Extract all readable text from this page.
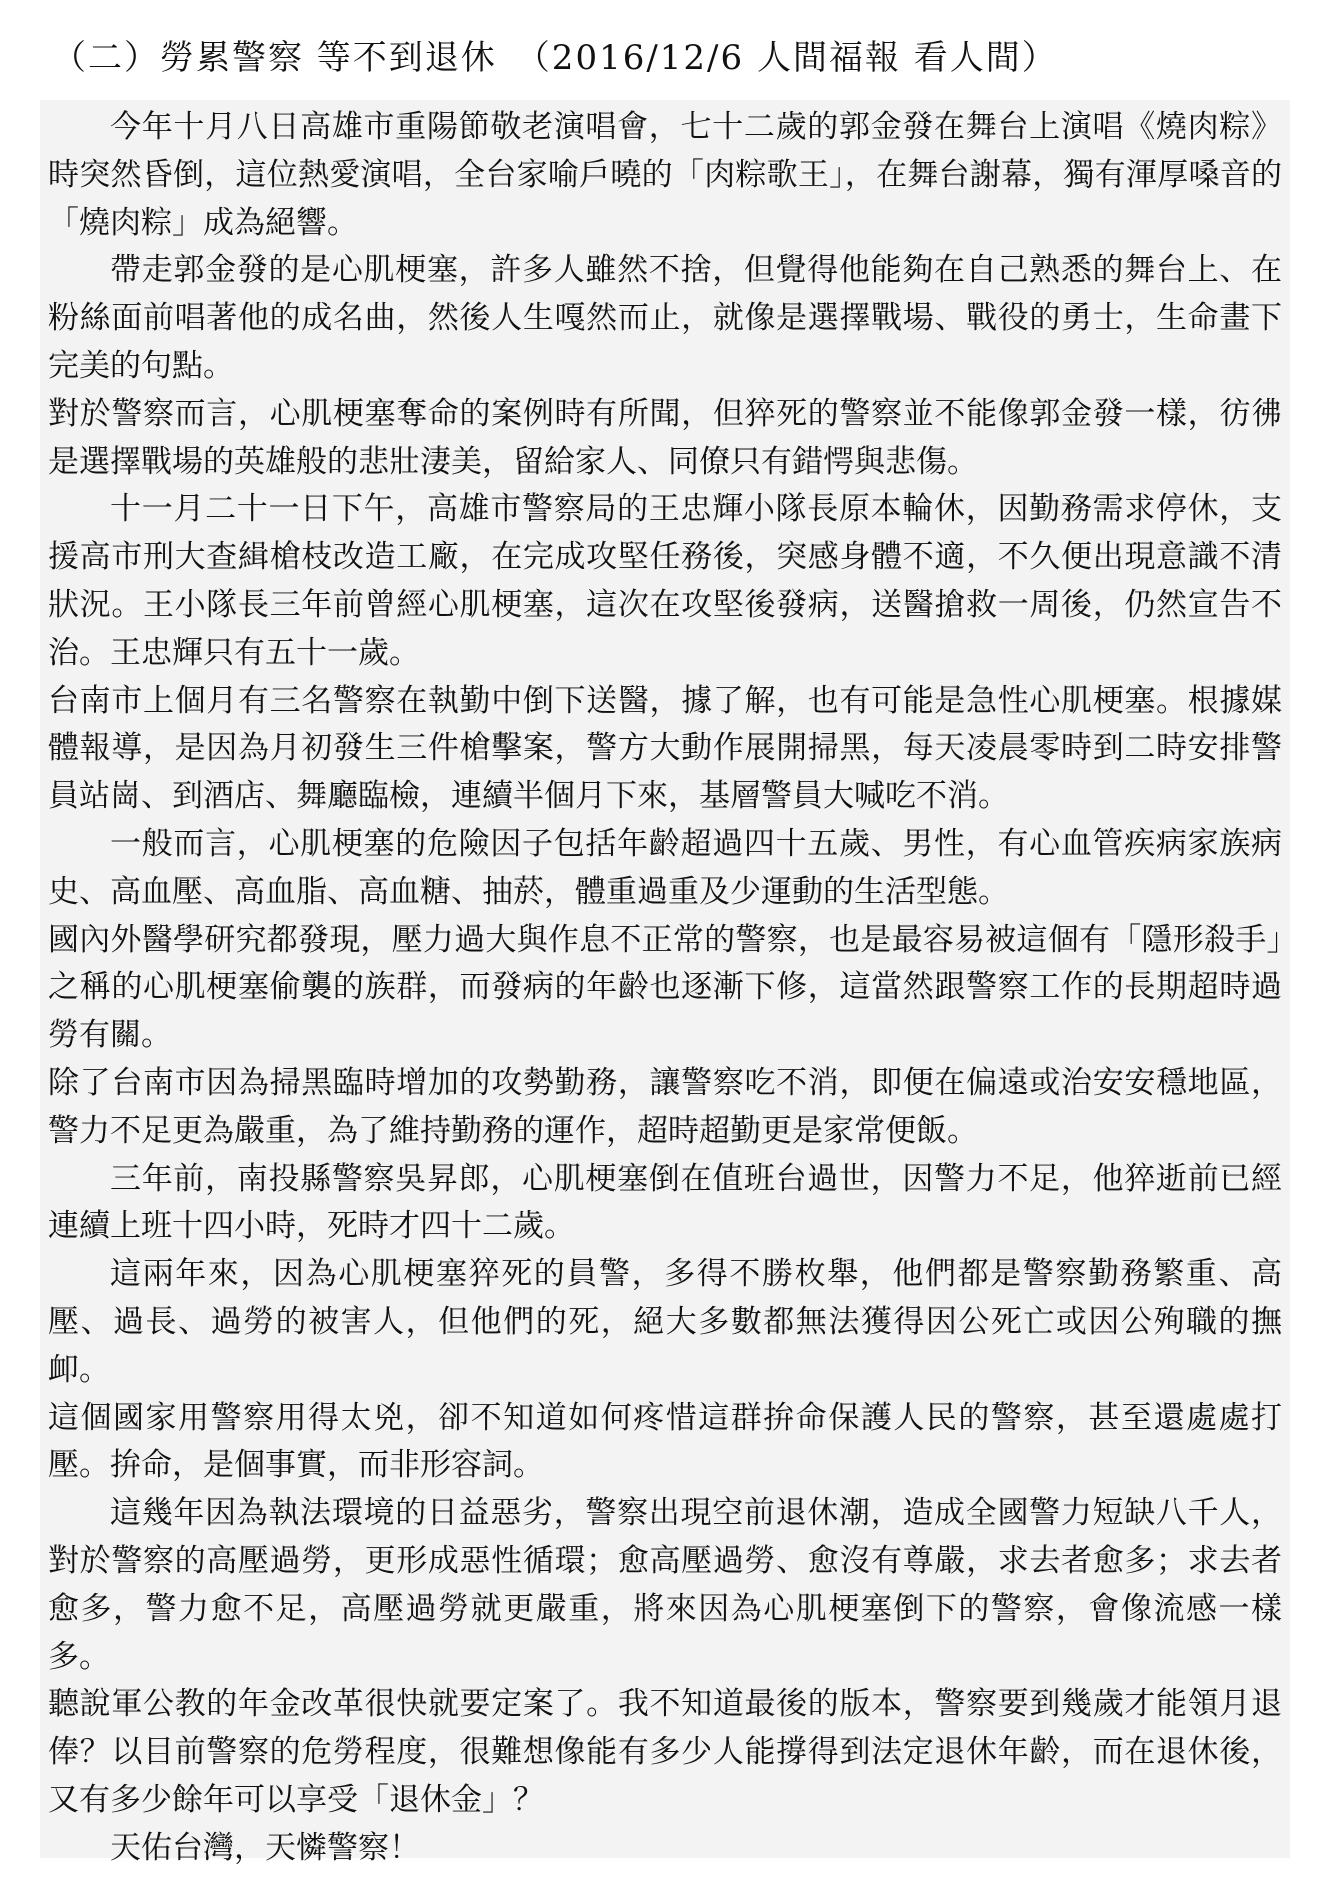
（二）勞累警察 等不到退休　（2016/12/6 人間福報 看人間）

今年十月八日高雄市重陽節敬老演唱會，七十二歲的郭金發在舞台上演唱《燒肉粽》時突然昏倒，這位熱愛演唱，全台家喻戶曉的「肉粽歌王」，在舞台謝幕，獨有渾厚嗓音的「燒肉粽」成為絕響。

帶走郭金發的是心肌梗塞，許多人雖然不捨，但覺得他能夠在自己熟悉的舞台上、在粉絲面前唱著他的成名曲，然後人生嘎然而止，就像是選擇戰場、戰役的勇士，生命畫下完美的句點。

對於警察而言，心肌梗塞奪命的案例時有所聞，但猝死的警察並不能像郭金發一樣，彷彿是選擇戰場的英雄般的悲壯淒美，留給家人、同僚只有錯愕與悲傷。

十一月二十一日下午，高雄市警察局的王忠輝小隊長原本輪休，因勤務需求停休，支援高市刑大查緝槍枝改造工廠，在完成攻堅任務後，突感身體不適，不久便出現意識不清狀況。王小隊長三年前曾經心肌梗塞，這次在攻堅後發病，送醫搶救一周後，仍然宣告不治。王忠輝只有五十一歲。

台南市上個月有三名警察在執勤中倒下送醫，據了解，也有可能是急性心肌梗塞。根據媒體報導，是因為月初發生三件槍擊案，警方大動作展開掃黑，每天凌晨零時到二時安排警員站崗、到酒店、舞廳臨檢，連續半個月下來，基層警員大喊吃不消。

一般而言，心肌梗塞的危險因子包括年齡超過四十五歲、男性，有心血管疾病家族病史、高血壓、高血脂、高血糖、抽菸，體重過重及少運動的生活型態。

國內外醫學研究都發現，壓力過大與作息不正常的警察，也是最容易被這個有「隱形殺手」之稱的心肌梗塞偷襲的族群，而發病的年齡也逐漸下修，這當然跟警察工作的長期超時過勞有關。

除了台南市因為掃黑臨時增加的攻勢勤務，讓警察吃不消，即便在偏遠或治安安穩地區，警力不足更為嚴重，為了維持勤務的運作，超時超勤更是家常便飯。

三年前，南投縣警察吳昇郎，心肌梗塞倒在值班台過世，因警力不足，他猝逝前已經連續上班十四小時，死時才四十二歲。

這兩年來，因為心肌梗塞猝死的員警，多得不勝枚舉，他們都是警察勤務繁重、高壓、過長、過勞的被害人，但他們的死，絕大多數都無法獲得因公死亡或因公殉職的撫卹。

這個國家用警察用得太兇，卻不知道如何疼惜這群拚命保護人民的警察，甚至還處處打壓。拚命，是個事實，而非形容詞。

這幾年因為執法環境的日益惡劣，警察出現空前退休潮，造成全國警力短缺八千人，對於警察的高壓過勞，更形成惡性循環；愈高壓過勞、愈沒有尊嚴，求去者愈多；求去者愈多，警力愈不足，高壓過勞就更嚴重，將來因為心肌梗塞倒下的警察，會像流感一樣多。

聽說軍公教的年金改革很快就要定案了。我不知道最後的版本，警察要到幾歲才能領月退俸？以目前警察的危勞程度，很難想像能有多少人能撐得到法定退休年齡，而在退休後，又有多少餘年可以享受「退休金」？

天佑台灣，天憐警察！
